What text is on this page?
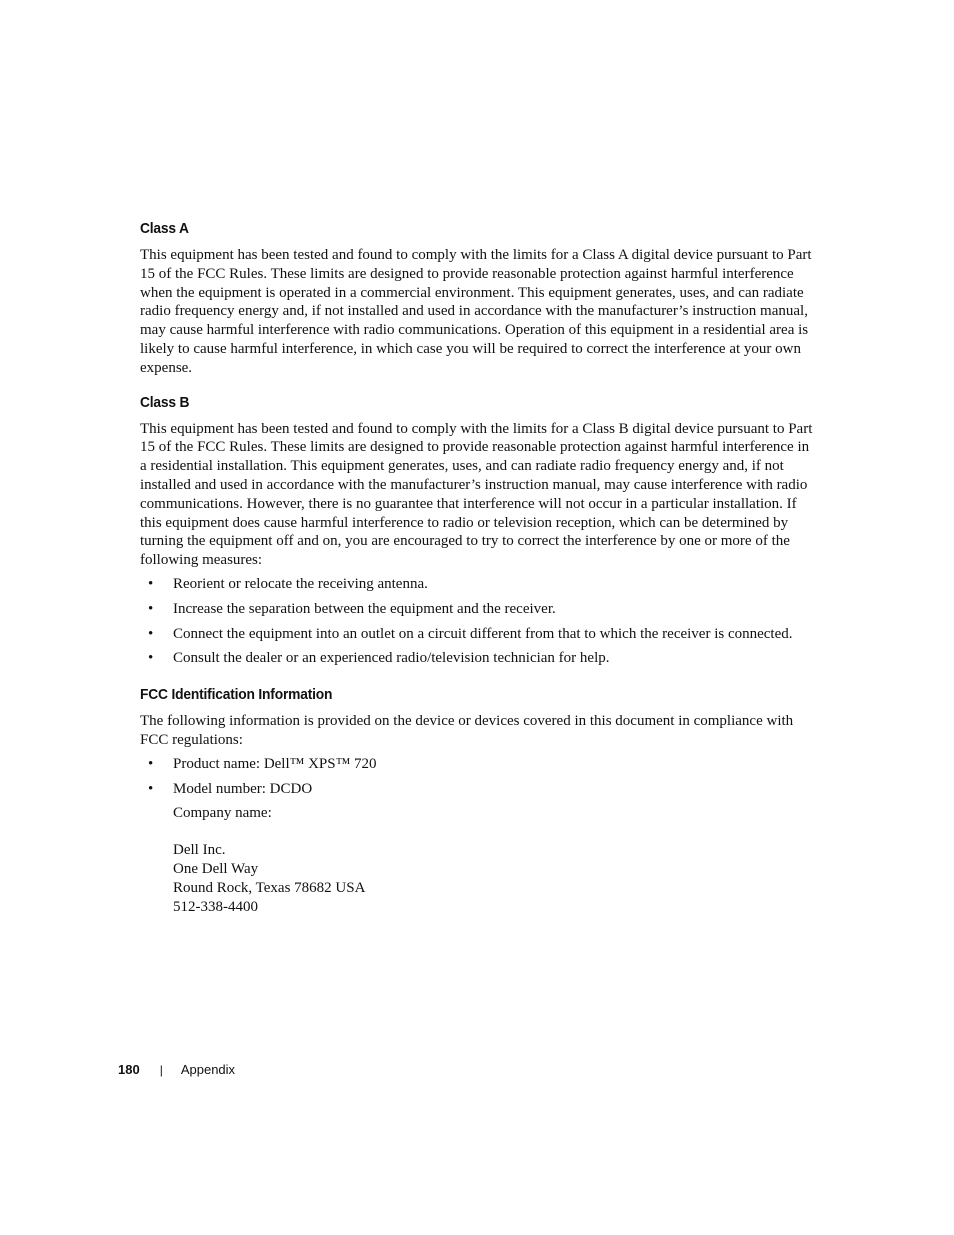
Class A

This equipment has been tested and found to comply with the limits for a Class A digital device pursuant to Part 15 of the FCC Rules. These limits are designed to provide reasonable protection against harmful interference when the equipment is operated in a commercial environment. This equipment generates, uses, and can radiate radio frequency energy and, if not installed and used in accordance with the manufacturer’s instruction manual, may cause harmful interference with radio communications. Operation of this equipment in a residential area is likely to cause harmful interference, in which case you will be required to correct the interference at your own expense.

Class B

This equipment has been tested and found to comply with the limits for a Class B digital device pursuant to Part 15 of the FCC Rules. These limits are designed to provide reasonable protection against harmful interference in a residential installation. This equipment generates, uses, and can radiate radio frequency energy and, if not installed and used in accordance with the manufacturer’s instruction manual, may cause interference with radio communications. However, there is no guarantee that interference will not occur in a particular installation. If this equipment does cause harmful interference to radio or television reception, which can be determined by turning the equipment off and on, you are encouraged to try to correct the interference by one or more of the following measures:

• Reorient or relocate the receiving antenna.
• Increase the separation between the equipment and the receiver.
• Connect the equipment into an outlet on a circuit different from that to which the receiver is connected.
• Consult the dealer or an experienced radio/television technician for help.
FCC Identification Information

The following information is provided on the device or devices covered in this document in compliance with FCC regulations:

• Product name: Dell™ XPS™ 720
• Model number: DCDO
Company name:
Dell Inc.
One Dell Way
Round Rock, Texas 78682 USA
512-338-4400
180 | Appendix
